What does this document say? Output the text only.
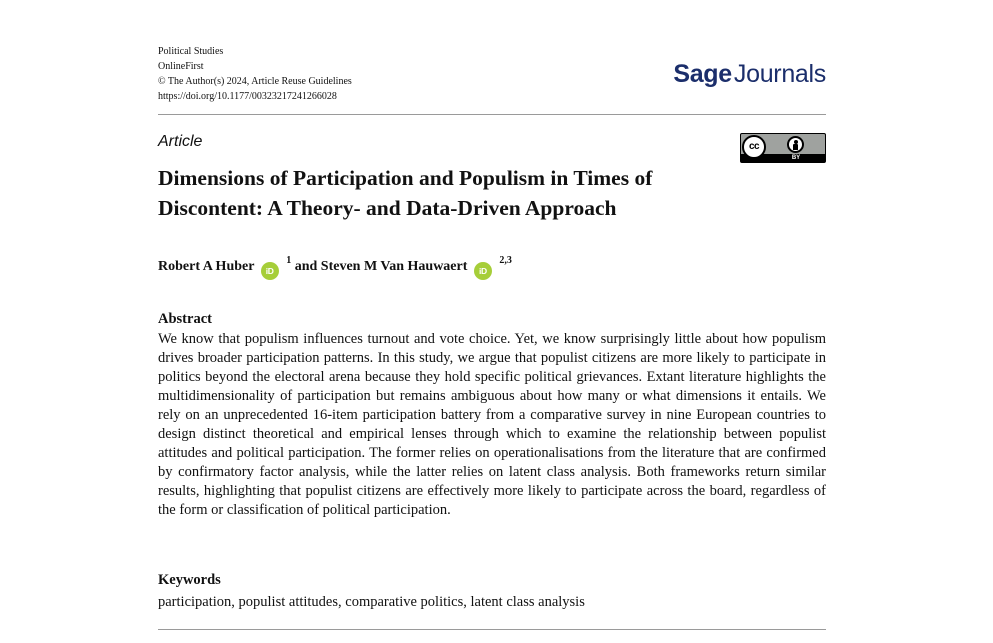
Political Studies
OnlineFirst
© The Author(s) 2024, Article Reuse Guidelines
https://doi.org/10.1177/00323217241266028
SageJournals
Article	cc
BY
Dimensions of Participation and Populism in Times of Discontent: A Theory- and Data-Driven Approach
Robert A Huber iD $^1$ and Steven M Van Hauwaert iD $^{2,3}$
Abstract
We know that populism influences turnout and vote choice. Yet, we know surprisingly little about how populism drives broader participation patterns. In this study, we argue that populist citizens are more likely to participate in politics beyond the electoral arena because they hold specific political grievances. Extant literature highlights the multidimensionality of participation but remains ambiguous about how many or what dimensions it entails. We rely on an unprecedented 16-item participation battery from a comparative survey in nine European countries to design distinct theoretical and empirical lenses through which to examine the relationship between populist attitudes and political participation. The former relies on operationalisations from the literature that are confirmed by confirmatory factor analysis, while the latter relies on latent class analysis. Both frameworks return similar results, highlighting that populist citizens are effectively more likely to participate across the board, regardless of the form or classification of political participation.
Keywords
participation, populist attitudes, comparative politics, latent class analysis
